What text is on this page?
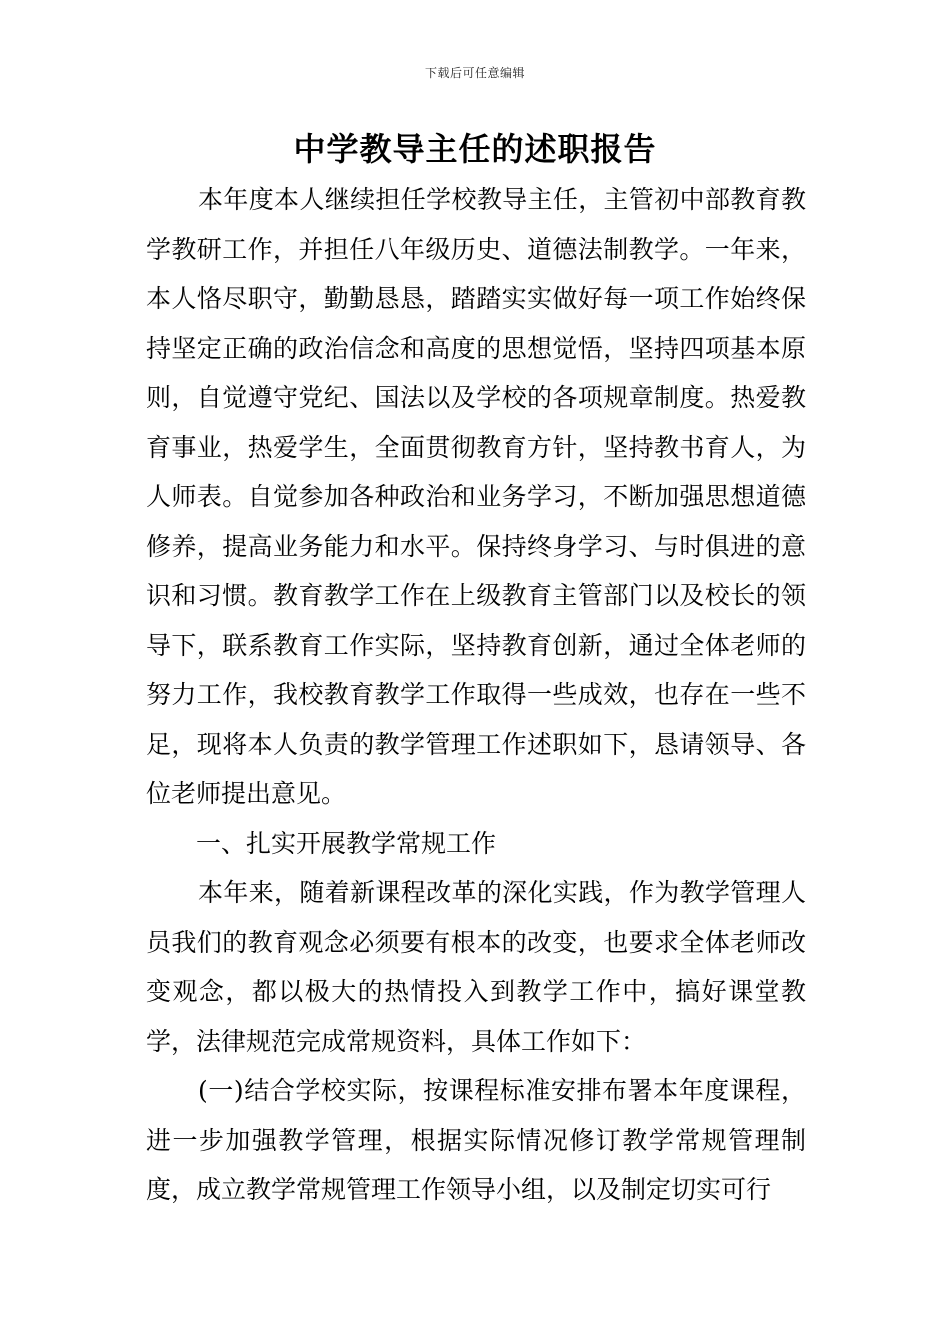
下载后可任意编辑
中学教导主任的述职报告

本年度本人继续担任学校教导主任，主管初中部教育教学教研工作，并担任八年级历史、道德法制教学。一年来，本人恪尽职守，勤勤恳恳，踏踏实实做好每一项工作始终保持坚定正确的政治信念和高度的思想觉悟，坚持四项基本原则，自觉遵守党纪、国法以及学校的各项规章制度。热爱教育事业，热爱学生，全面贯彻教育方针，坚持教书育人，为人师表。自觉参加各种政治和业务学习，不断加强思想道德修养，提高业务能力和水平。保持终身学习、与时俱进的意识和习惯。教育教学工作在上级教育主管部门以及校长的领导下，联系教育工作实际，坚持教育创新，通过全体老师的努力工作，我校教育教学工作取得一些成效，也存在一些不足，现将本人负责的教学管理工作述职如下，恳请领导、各位老师提出意见。

一、扎实开展教学常规工作

本年来，随着新课程改革的深化实践，作为教学管理人员我们的教育观念必须要有根本的改变，也要求全体老师改变观念，都以极大的热情投入到教学工作中，搞好课堂教学，法律规范完成常规资料，具体工作如下：

(一)结合学校实际，按课程标准安排布署本年度课程，进一步加强教学管理，根据实际情况修订教学常规管理制度，成立教学常规管理工作领导小组，以及制定切实可行
